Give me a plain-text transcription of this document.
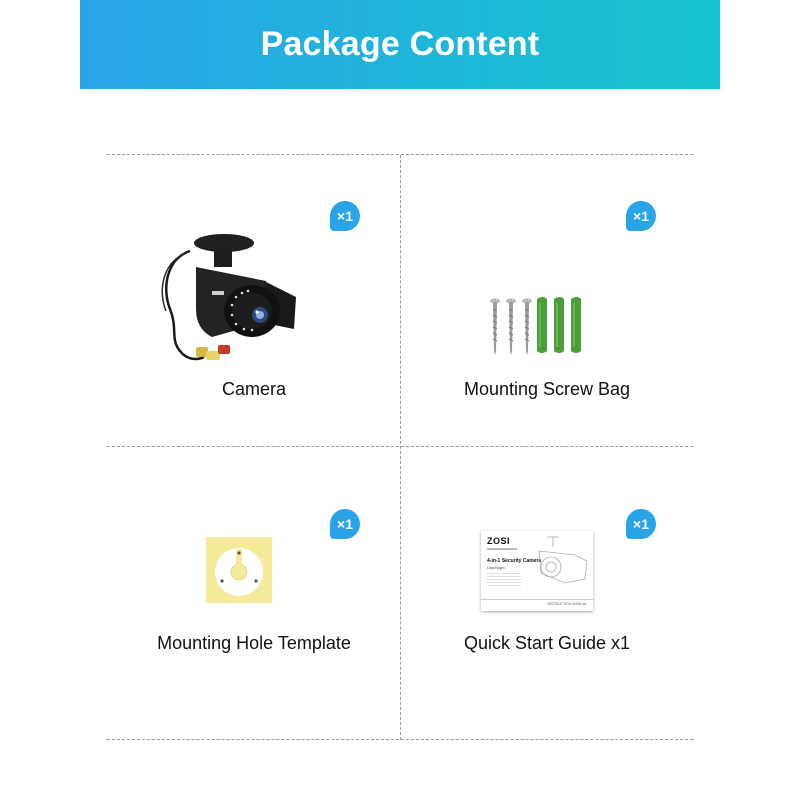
Package Content
×1
Camera
×1
Mounting Screw Bag
×1
Mounting Hole Template
×1
ZOSI
4-in-1 Security Camera
Day/Night
INSTRUCTION MANUAL
Quick Start Guide x1
